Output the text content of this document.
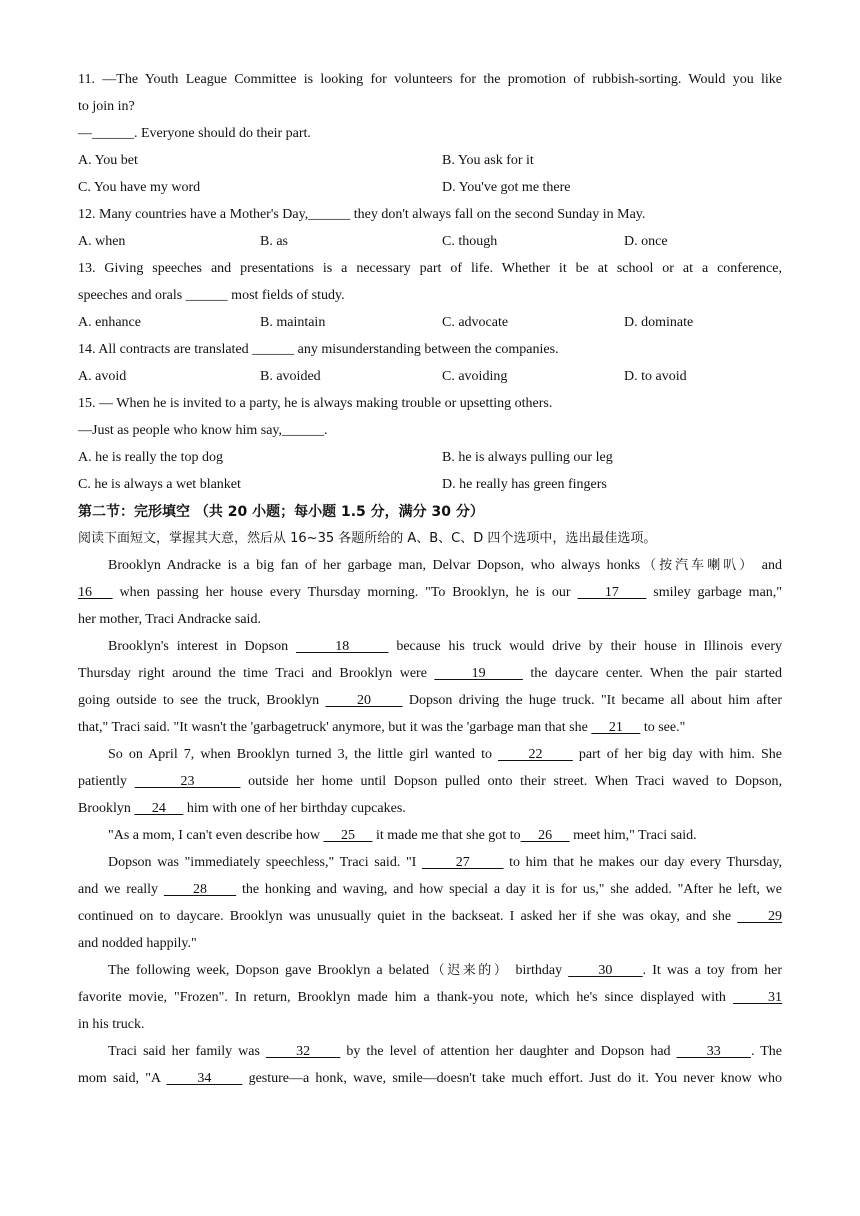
11. —The Youth League Committee is looking for volunteers for the promotion of rubbish-sorting. Would you like
to join in?
—______. Everyone should do their part.
A. You bet	B. You ask for it
C. You have my word	D. You've got me there
12. Many countries have a Mother's Day,______ they don't always fall on the second Sunday in May.
A. when	B. as	C. though	D. once
13. Giving speeches and presentations is a necessary part of life. Whether it be at school or at a conference,
speeches and orals ______ most fields of study.
A. enhance	B. maintain	C. advocate	D. dominate
14. All contracts are translated ______ any misunderstanding between the companies.
A. avoid	B. avoided	C. avoiding	D. to avoid
15. — When he is invited to a party, he is always making trouble or upsetting others.
—Just as people who know him say,______.
A. he is really the top dog	B. he is always pulling our leg
C. he is always a wet blanket	D. he really has green fingers
第二节：完形填空 （共 20 小题；每小题 1.5 分，满分 30 分）
阅读下面短文，掌握其大意，然后从 16~35 各题所给的 A、B、C、D 四个选项中，选出最佳选项。
Brooklyn Andracke is a big fan of her garbage man, Delvar Dopson, who always honks（按汽车喇叭） and
16    when passing her house every Thursday morning. "To Brooklyn, he is our     17     smiley garbage man,"
her mother, Traci Andracke said.
Brooklyn's interest in Dopson      18      because his truck would drive by their house in Illinois every
Thursday right around the time Traci and Brooklyn were      19      the daycare center. When the pair started
going outside to see the truck, Brooklyn      20      Dopson driving the huge truck. "It became all about him after
that," Traci said. "It wasn't the 'garbagetruck' anymore, but it was the 'garbage man that she      21      to see."
So on April 7, when Brooklyn turned 3, the little girl wanted to      22      part of her big day with him. She
patiently       23       outside her home until Dopson pulled onto their street. When Traci waved to Dopson,
Brooklyn      24      him with one of her birthday cupcakes.
"As a mom, I can't even describe how      25      it made me that she got to     26      meet him," Traci said.
Dopson was "immediately speechless," Traci said. "I       27       to him that he makes our day every Thursday,
and we really      28      the honking and waving, and how special a day it is for us," she added. "After he left, we
continued on to daycare. Brooklyn was unusually quiet in the backseat. I asked her if she was okay, and she      29
and nodded happily."
The following week, Dopson gave Brooklyn a belated（迟来的） birthday      30     . It was a toy from her
favorite movie, "Frozen". In return, Brooklyn made him a thank-you note, which he's since displayed with      31
in his truck.
Traci said her family was      32      by the level of attention her daughter and Dopson had      33     . The
mom said, "A      34      gesture—a honk, wave, smile—doesn't take much effort. Just do it. You never know who
